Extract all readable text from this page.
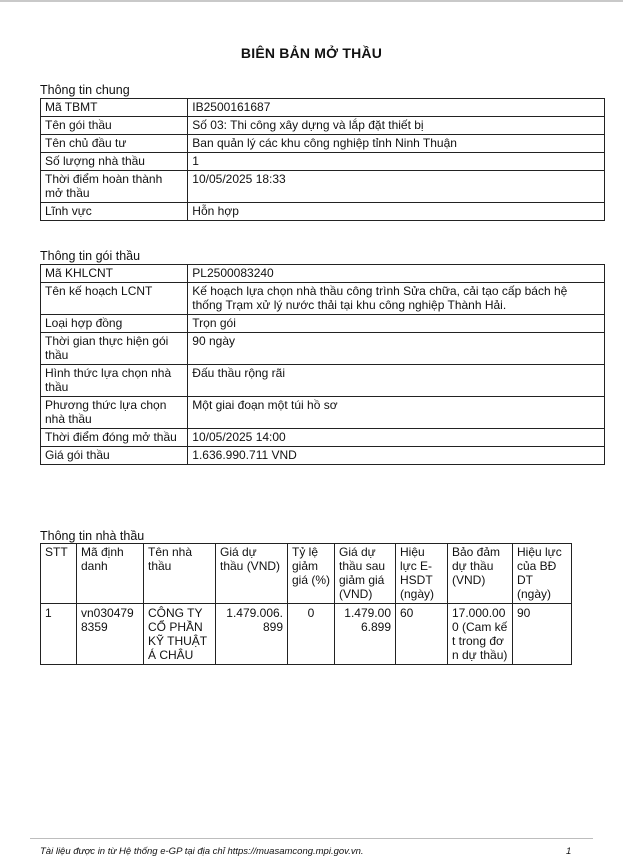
BIÊN BẢN MỞ THẦU
Thông tin chung
Mã TBMT	IB2500161687
Tên gói thầu	Số 03: Thi công xây dựng và lắp đặt thiết bị
Tên chủ đầu tư	Ban quản lý các khu công nghiệp tỉnh Ninh Thuận
Số lượng nhà thầu	1
Thời điểm hoàn thành mở thầu	10/05/2025 18:33
Lĩnh vực	Hỗn hợp
Thông tin gói thầu
Mã KHLCNT	PL2500083240
Tên kế hoạch LCNT	Kế hoạch lựa chọn nhà thầu công trình Sửa chữa, cải tạo cấp bách hệ thống Trạm xử lý nước thải tại khu công nghiệp Thành Hải.
Loại hợp đồng	Trọn gói
Thời gian thực hiện gói thầu	90 ngày
Hình thức lựa chọn nhà thầu	Đấu thầu rộng rãi
Phương thức lựa chọn nhà thầu	Một giai đoạn một túi hồ sơ
Thời điểm đóng mở thầu	10/05/2025 14:00
Giá gói thầu	1.636.990.711 VND
Thông tin nhà thầu
STT	Mã định danh	Tên nhà thầu	Giá dự thầu (VND)	Tỷ lệ giảm giá (%)	Giá dự thầu sau giảm giá (VND)	Hiệu lực E-HSDT (ngày)	Bảo đảm dự thầu (VND)	Hiệu lực của BĐ DT (ngày)
1	vn0304798359	CÔNG TY CỔ PHẦN KỸ THUẬT Á CHÂU	1.479.006.899	0	1.479.006.899	60	17.000.000 (Cam kết trong đơn dự thầu)	90
Tài liệu được in từ Hệ thống e-GP tại địa chỉ https://muasamcong.mpi.gov.vn.	1
